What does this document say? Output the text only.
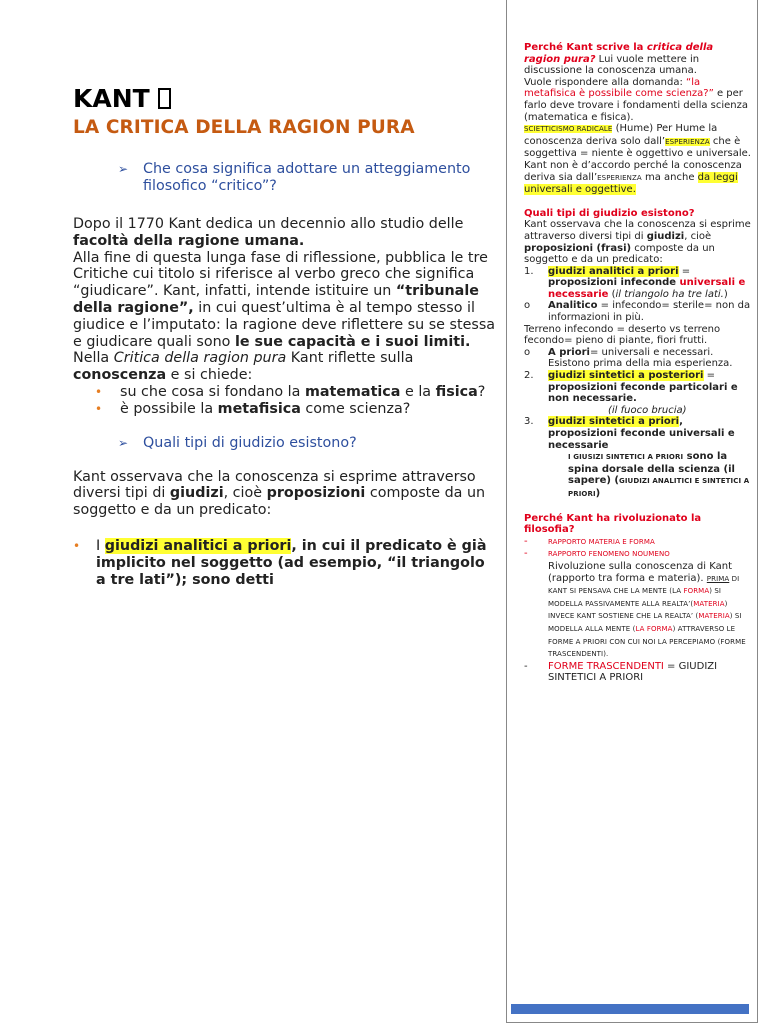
KANT
LA CRITICA DELLA RAGION PURA
➢ Che cosa significa adottare un atteggiamento filosofico “critico”?

Dopo il 1770 Kant dedica un decennio allo studio delle facoltà della ragione umana.
Alla fine di questa lunga fase di riflessione, pubblica le tre Critiche cui titolo si riferisce al verbo greco che significa “giudicare”. Kant, infatti, intende istituire un “tribunale della ragione”, in cui quest’ultima è al tempo stesso il giudice e l’imputato: la ragione deve riflettere su se stessa e giudicare quali sono le sue capacità e i suoi limiti.
Nella Critica della ragion pura Kant riflette sulla conoscenza e si chiede:

• su che cosa si fondano la matematica e la fisica?
• è possibile la metafisica come scienza?
➢ Quali tipi di giudizio esistono?

Kant osservava che la conoscenza si esprime attraverso diversi tipi di giudizi, cioè proposizioni composte da un soggetto e da un predicato:

• I giudizi analitici a priori, in cui il predicato è già implicito nel soggetto (ad esempio, “il triangolo a tre lati”); sono detti

Perché Kant scrive la critica della ragion pura? Lui vuole mettere in discussione la conoscenza umana.
Vuole rispondere alla domanda: “la metafisica è possibile come scienza?” e per farlo deve trovare i fondamenti della scienza (matematica e fisica).
SCIETTICISMO RADICALE (Hume) Per Hume la conoscenza deriva solo dall’ESPERIENZA che è soggettiva = niente è oggettivo e universale. Kant non è d’accordo perché la conoscenza deriva sia dall’ESPERIENZA ma anche da leggi universali e oggettive.

Quali tipi di giudizio esistono?
Kant osservava che la conoscenza si esprime attraverso diversi tipi di giudizi, cioè proposizioni (frasi) composte da un soggetto e da un predicato:

1. giudizi analitici a priori = proposizioni infeconde universali e necessarie (il triangolo ha tre lati.)

o Analitico = infecondo= sterile= non da informazioni in più.

Terreno infecondo = deserto vs terreno fecondo= pieno di piante, fiori frutti.

o A priori= universali e necessari. Esistono prima della mia esperienza.

2. giudizi sintetici a posteriori = proposizioni feconde particolari e non necessarie.
(il fuoco brucia)

3. giudizi sintetici a priori, proposizioni feconde universali e necessarie

I GIUSIZI SINTETICI A PRIORI sono la spina dorsale della scienza (il sapere) (GIUDIZI ANALITICI E SINTETICI A PRIORI)

Perché Kant ha rivoluzionato la filosofia?

-	RAPPORTO MATERIA E FORMA

-	RAPPORTO FENOMENO NOUMENO

Rivoluzione sulla conoscenza di Kant (rapporto tra forma e materia). PRIMA DI KANT SI PENSAVA CHE LA MENTE (LA FORMA) SI MODELLA PASSIVAMENTE ALLA REALTA’(MATERIA) INVECE KANT SOSTIENE CHE LA REALTA’ (MATERIA) SI MODELLA ALLA MENTE (LA FORMA) ATTRAVERSO LE FORME A PRIORI CON CUI NOI LA PERCEPIAMO (FORME TRASCENDENTI).

- FORME TRASCENDENTI = GIUDIZI SINTETICI A PRIORI
